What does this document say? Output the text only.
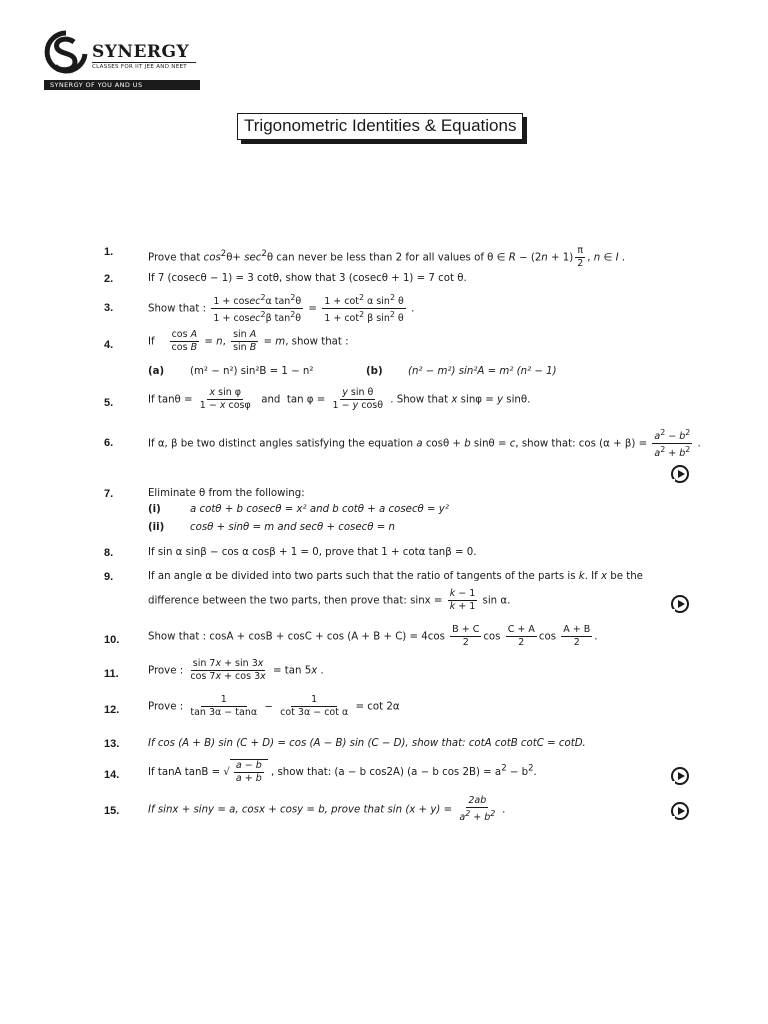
SYNERGY
CLASSES FOR IIT JEE AND NEET
SYNERGY OF YOU AND US
Trigonometric Identities & Equations
1.	Prove that $\cos^2\theta+ \sec^2\theta$ can never be less than 2 for all values of θ ∈ $R - (2n + 1) \frac{\pi}{2}$ , n ∈ I .
2.	If 7 (cosecθ − 1) = 3 cotθ, show that 3 (cosecθ + 1) = 7 cot θ.
3.	Show that : $\frac{1 + cosec^2\alpha \tan^2\theta}{1 + cosec^2\beta \tan^2\theta} = \frac{1 + \cot^2 \alpha \sin^2 \theta}{1 + \cot^2 \beta \sin^2 \theta}$ .
4.	If $\frac{\text{cos A}}{\text{cos B}} = n$, $\frac{\text{sin A}}{\text{sin B}} = m$, show that :
(a)	(m² − n²) sin²B = 1 − n²	(b) (n² − m²) sin²A = m² (n² − 1)
5.	If $\tan\theta = \frac{\text{x sin φ}}{\text{1 − x cosφ}}$ and  $\tan \varphi = \frac{\text{y sin θ}}{\text{1 − y cosθ}}$ . Show that x sinφ = y sinθ.
6.	If α, β be two distinct angles satisfying the equation a cosθ + b sinθ = c, show that: $\cos (\alpha + \beta) = \frac{a^2 - b^2}{a^2 + b^2}$ .
7.	Eliminate θ from the following:
(i)	a cotθ + b cosecθ = x² and b cotθ + a cosecθ = y²
(ii)	cosθ + sinθ = m and secθ + cosecθ = n
8.	If sin α sinβ − cos α cosβ + 1 = 0, prove that 1 + cotα tanβ = 0.
9.	If an angle α be divided into two parts such that the ratio of tangents of the parts is k. If x be the
difference between the two parts, then prove that: $\sin x = \frac{k - 1}{k + 1}$ sin α.
10.	Show that : $\cos A + \cos B + \cos C + \cos (A + B + C) = 4\cos \frac{B + C}{2}$ $\cos \frac{C + A}{2}$ $\cos \frac{A + B}{2}$ .
11.	Prove : $\frac{\sin 7x + \sin 3x}{\cos 7x + \cos 3x} = \tan 5x$ .
12.	Prove : $\frac{1}{\tan 3\alpha - \tan\alpha} - \frac{1}{\text{cot 3α − cot α}} = \cot 2\alpha$
13.	If cos (A + B) sin (C + D) = cos (A − B) sin (C − D), show that: cotA cotB cotC = cotD.
14.	If tanA tanB = √ $\frac{a - b}{a + b}$ , show that: (a − b cos2A) (a − b $\cos 2B) = a^2 - b^2$.
15.	If sinx + siny = a, cosx + cosy = b, prove that $\sin (x + y) = \frac{2ab}{a^2 + b^2}$ .
